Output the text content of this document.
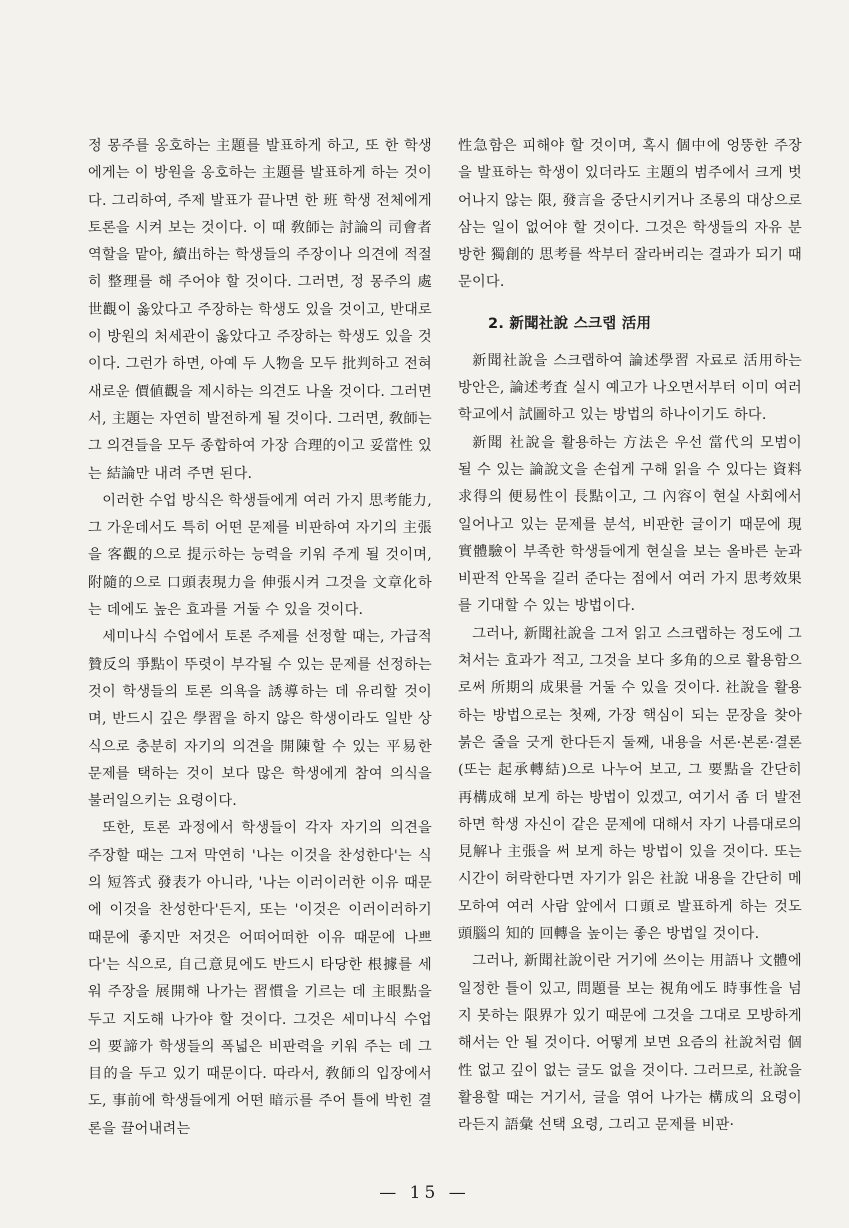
정 몽주를 옹호하는 主題를 발표하게 하고, 또 한 학생에게는 이 방원을 옹호하는 主題를 발표하게 하는 것이다. 그리하여, 주제 발표가 끝나면 한 班 학생 전체에게 토론을 시켜 보는 것이다. 이 때 敎師는 討論의 司會者 역할을 맡아, 續出하는 학생들의 주장이나 의견에 적절히 整理를 해 주어야 할 것이다. 그러면, 정 몽주의 處世觀이 옳았다고 주장하는 학생도 있을 것이고, 반대로 이 방원의 처세관이 옳았다고 주장하는 학생도 있을 것이다. 그런가 하면, 아예 두 人物을 모두 批判하고 전혀 새로운 價値觀을 제시하는 의견도 나올 것이다. 그러면서, 主題는 자연히 발전하게 될 것이다. 그러면, 敎師는 그 의견들을 모두 종합하여 가장 合理的이고 妥當性 있는 結論만 내려 주면 된다.

이러한 수업 방식은 학생들에게 여러 가지 思考能力, 그 가운데서도 특히 어떤 문제를 비판하여 자기의 主張을 客觀的으로 提示하는 능력을 키워 주게 될 것이며, 附隨的으로 口頭表現力을 伸張시켜 그것을 文章化하는 데에도 높은 효과를 거둘 수 있을 것이다.

세미나식 수업에서 토론 주제를 선정할 때는, 가급적 贊反의 爭點이 뚜렷이 부각될 수 있는 문제를 선정하는 것이 학생들의 토론 의욕을 誘導하는 데 유리할 것이며, 반드시 깊은 學習을 하지 않은 학생이라도 일반 상식으로 충분히 자기의 의견을 開陳할 수 있는 平易한 문제를 택하는 것이 보다 많은 학생에게 참여 의식을 불러일으키는 요령이다.

또한, 토론 과정에서 학생들이 각자 자기의 의견을 주장할 때는 그저 막연히 '나는 이것을 찬성한다'는 식의 短答式 發表가 아니라, '나는 이러이러한 이유 때문에 이것을 찬성한다'든지, 또는 '이것은 이러이러하기 때문에 좋지만 저것은 어떠어떠한 이유 때문에 나쁘다'는 식으로, 自己意見에도 반드시 타당한 根據를 세워 주장을 展開해 나가는 習慣을 기르는 데 主眼點을 두고 지도해 나가야 할 것이다. 그것은 세미나식 수업의 要諦가 학생들의 폭넓은 비판력을 키워 주는 데 그 目的을 두고 있기 때문이다. 따라서, 敎師의 입장에서도, 事前에 학생들에게 어떤 暗示를 주어 틀에 박힌 결론을 끌어내려는

性急함은 피해야 할 것이며, 혹시 個中에 엉뚱한 주장을 발표하는 학생이 있더라도 主題의 범주에서 크게 벗어나지 않는 限, 發言을 중단시키거나 조롱의 대상으로 삼는 일이 없어야 할 것이다. 그것은 학생들의 자유 분방한 獨創的 思考를 싹부터 잘라버리는 결과가 되기 때문이다.

2. 新聞社說 스크랩 活用

新聞社說을 스크랩하여 論述學習 자료로 活用하는 방안은, 論述考査 실시 예고가 나오면서부터 이미 여러 학교에서 試圖하고 있는 방법의 하나이기도 하다.

新聞 社說을 활용하는 方法은 우선 當代의 모범이 될 수 있는 論說文을 손쉽게 구해 읽을 수 있다는 資料求得의 便易性이 長點이고, 그 內容이 현실 사회에서 일어나고 있는 문제를 분석, 비판한 글이기 때문에 現實體驗이 부족한 학생들에게 현실을 보는 올바른 눈과 비판적 안목을 길러 준다는 점에서 여러 가지 思考效果를 기대할 수 있는 방법이다.

그러나, 新聞社說을 그저 읽고 스크랩하는 정도에 그쳐서는 효과가 적고, 그것을 보다 多角的으로 활용함으로써 所期의 成果를 거둘 수 있을 것이다. 社說을 활용하는 방법으로는 첫째, 가장 핵심이 되는 문장을 찾아 붉은 줄을 긋게 한다든지 둘째, 내용을 서론·본론·결론(또는 起承轉結)으로 나누어 보고, 그 要點을 간단히 再構成해 보게 하는 방법이 있겠고, 여기서 좀 더 발전하면 학생 자신이 같은 문제에 대해서 자기 나름대로의 見解나 主張을 써 보게 하는 방법이 있을 것이다. 또는 시간이 허락한다면 자기가 읽은 社說 내용을 간단히 메모하여 여러 사람 앞에서 口頭로 발표하게 하는 것도 頭腦의 知的 回轉을 높이는 좋은 방법일 것이다.

그러나, 新聞社說이란 거기에 쓰이는 用語나 文體에 일정한 틀이 있고, 問題를 보는 視角에도 時事性을 넘지 못하는 限界가 있기 때문에 그것을 그대로 모방하게 해서는 안 될 것이다. 어떻게 보면 요즘의 社說처럼 個性 없고 깊이 없는 글도 없을 것이다. 그러므로, 社說을 활용할 때는 거기서, 글을 엮어 나가는 構成의 요령이라든지 語彙 선택 요령, 그리고 문제를 비판·

— 15 —
